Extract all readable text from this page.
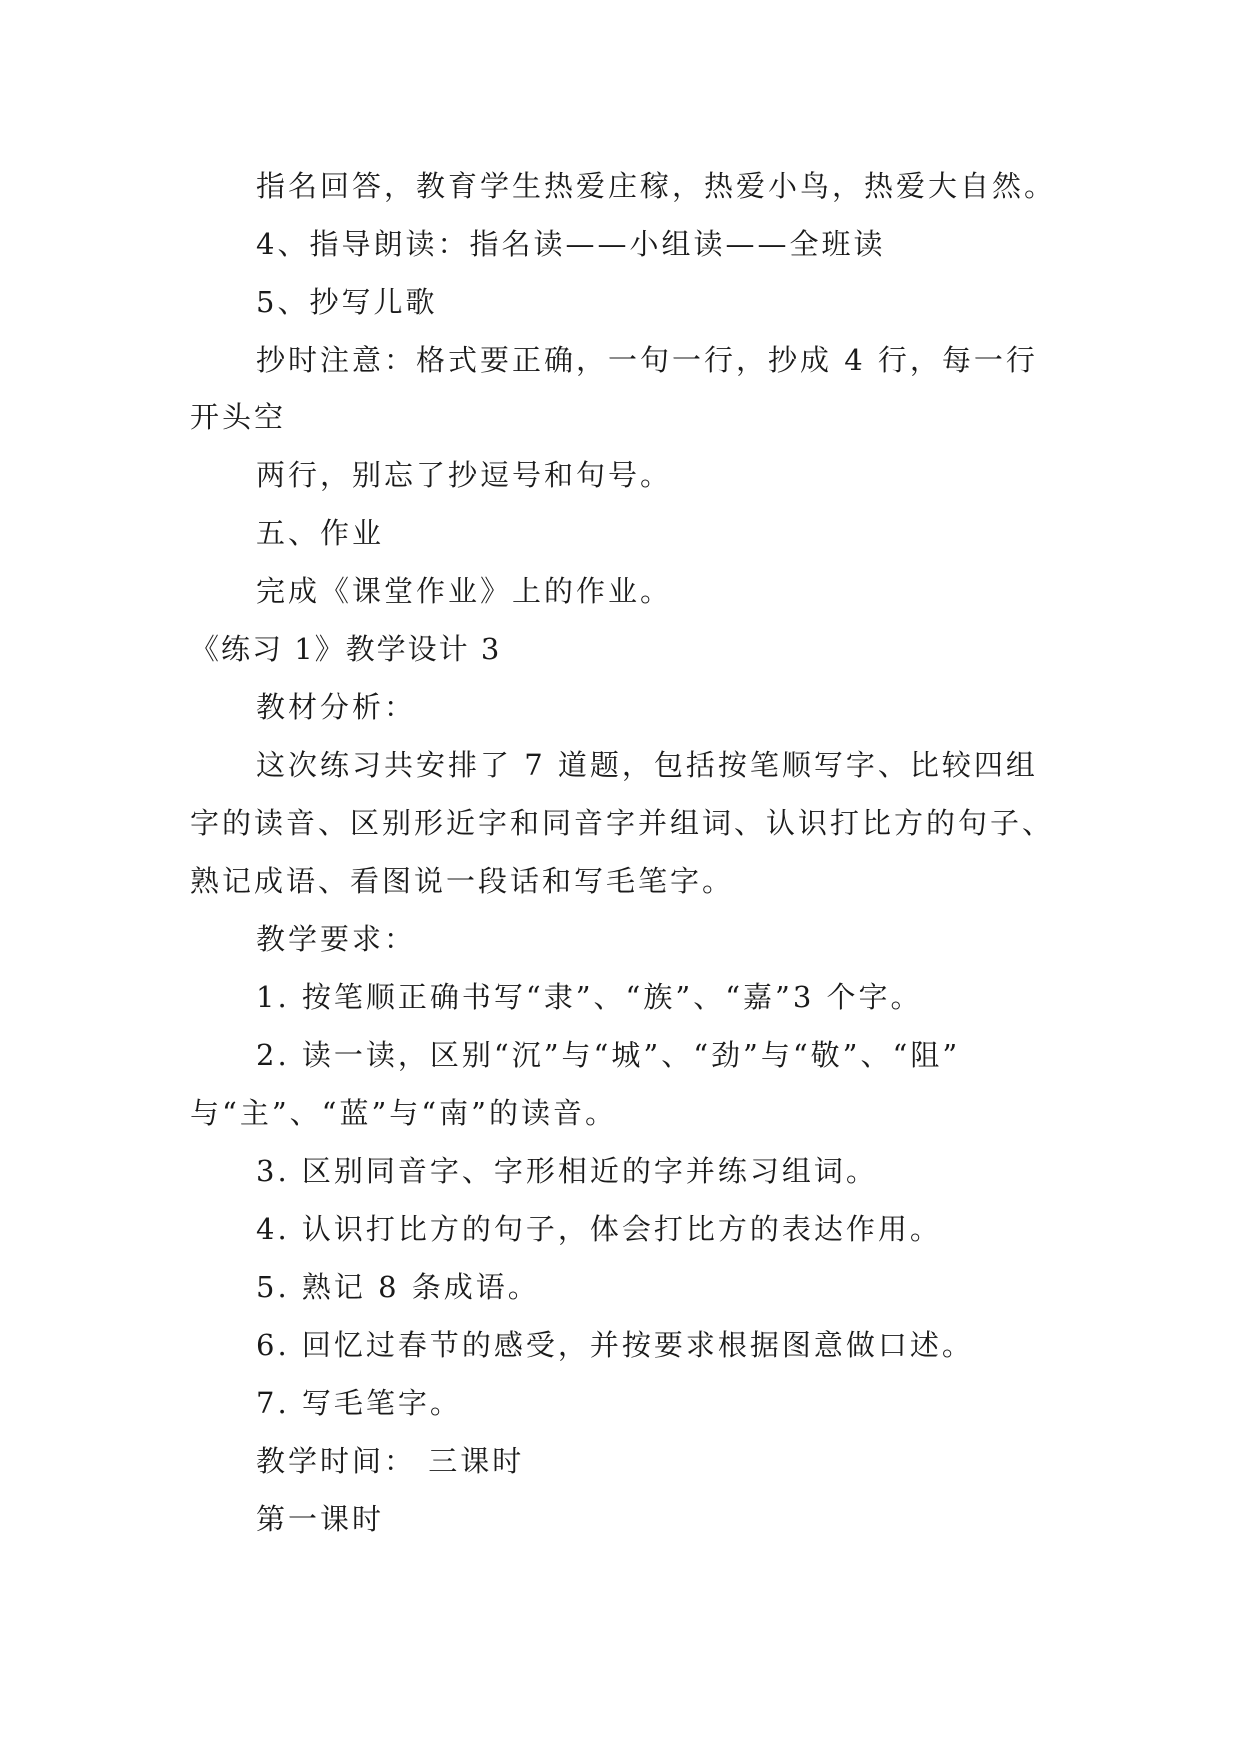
指名回答，教育学生热爱庄稼，热爱小鸟，热爱大自然。
4、指导朗读：指名读——小组读——全班读
5、抄写儿歌
抄时注意：格式要正确，一句一行，抄成 4 行，每一行
开头空
两行，别忘了抄逗号和句号。
五、作业
完成《课堂作业》上的作业。
《练习 1》教学设计 3
教材分析：
这次练习共安排了 7 道题，包括按笔顺写字、比较四组
字的读音、区别形近字和同音字并组词、认识打比方的句子、
熟记成语、看图说一段话和写毛笔字。
教学要求：
1. 按笔顺正确书写“隶”、“族”、“嘉”3 个字。
2. 读一读，区别“沉”与“城”、“劲”与“敬”、“阻”
与“主”、“蓝”与“南”的读音。
3. 区别同音字、字形相近的字并练习组词。
4. 认识打比方的句子，体会打比方的表达作用。
5. 熟记 8 条成语。
6. 回忆过春节的感受，并按要求根据图意做口述。
7. 写毛笔字。
教学时间： 三课时
第一课时
